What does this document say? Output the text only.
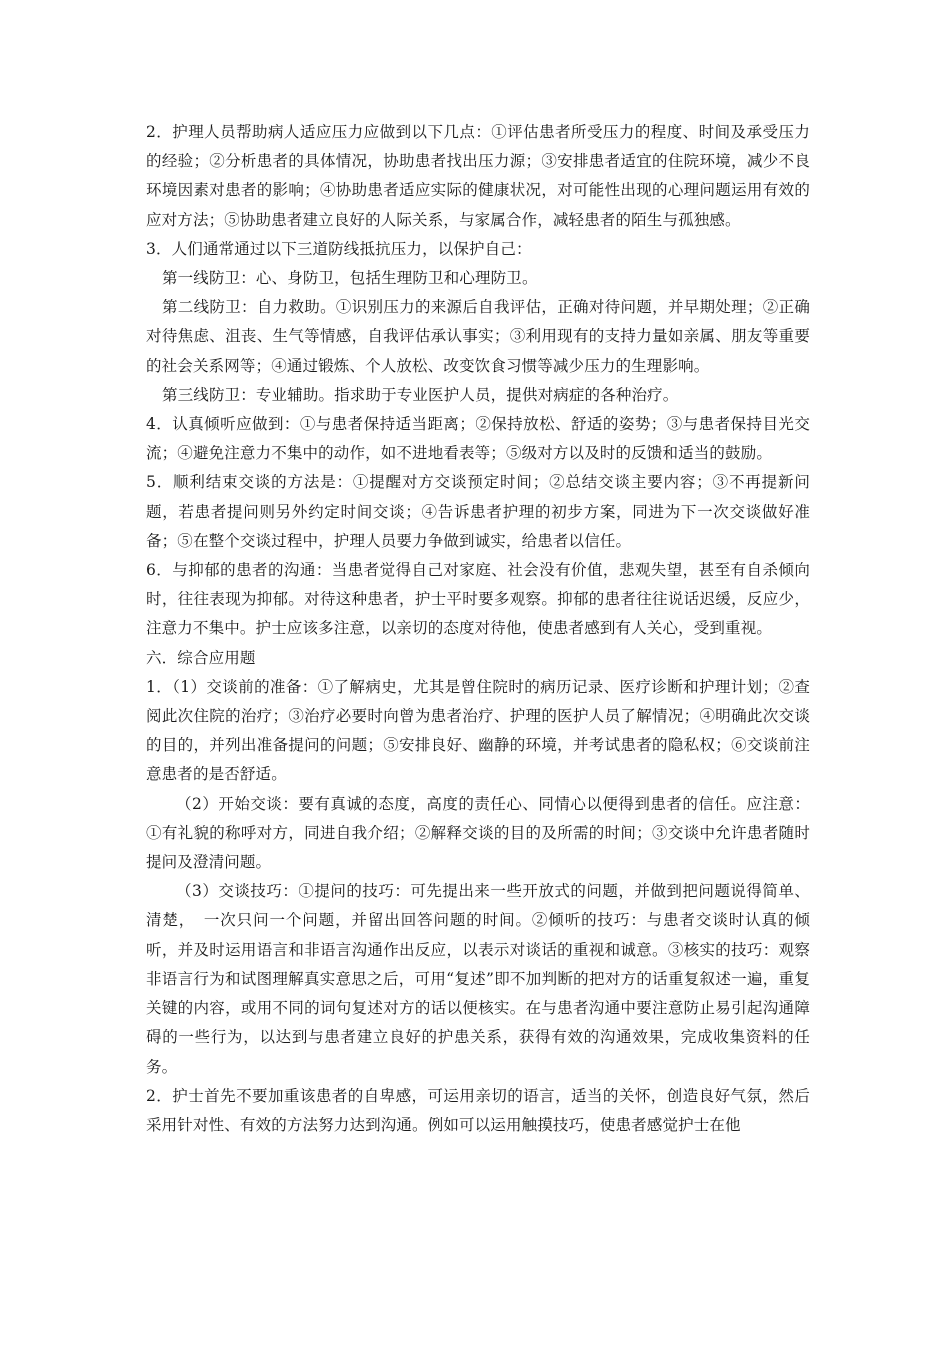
2．护理人员帮助病人适应压力应做到以下几点：①评估患者所受压力的程度、时间及承受压力的经验；②分析患者的具体情况，协助患者找出压力源；③安排患者适宜的住院环境，减少不良环境因素对患者的影响；④协助患者适应实际的健康状况，对可能性出现的心理问题运用有效的应对方法；⑤协助患者建立良好的人际关系，与家属合作，减轻患者的陌生与孤独感。

3．人们通常通过以下三道防线抵抗压力，以保护自己：

第一线防卫：心、身防卫，包括生理防卫和心理防卫。

第二线防卫：自力救助。①识别压力的来源后自我评估，正确对待问题，并早期处理；②正确对待焦虑、沮丧、生气等情感，自我评估承认事实；③利用现有的支持力量如亲属、朋友等重要的社会关系网等；④通过锻炼、个人放松、改变饮食习惯等减少压力的生理影响。

第三线防卫：专业辅助。指求助于专业医护人员，提供对病症的各种治疗。

4．认真倾听应做到：①与患者保持适当距离；②保持放松、舒适的姿势；③与患者保持目光交流；④避免注意力不集中的动作，如不进地看表等；⑤级对方以及时的反馈和适当的鼓励。

5．顺利结束交谈的方法是：①提醒对方交谈预定时间；②总结交谈主要内容；③不再提新问题，若患者提问则另外约定时间交谈；④告诉患者护理的初步方案，同进为下一次交谈做好准备；⑤在整个交谈过程中，护理人员要力争做到诚实，给患者以信任。

6．与抑郁的患者的沟通：当患者觉得自己对家庭、社会没有价值，悲观失望，甚至有自杀倾向时，往往表现为抑郁。对待这种患者，护士平时要多观察。抑郁的患者往往说话迟缓，反应少，注意力不集中。护士应该多注意，以亲切的态度对待他，使患者感到有人关心，受到重视。

六．综合应用题

1．（1）交谈前的准备：①了解病史，尤其是曾住院时的病历记录、医疗诊断和护理计划；②查阅此次住院的治疗；③治疗必要时向曾为患者治疗、护理的医护人员了解情况；④明确此次交谈的目的，并列出准备提问的问题；⑤安排良好、幽静的环境，并考试患者的隐私权；⑥交谈前注意患者的是否舒适。

（2）开始交谈：要有真诚的态度，高度的责任心、同情心以便得到患者的信任。应注意：①有礼貌的称呼对方，同进自我介绍；②解释交谈的目的及所需的时间；③交谈中允许患者随时提问及澄清问题。

（3）交谈技巧：①提问的技巧：可先提出来一些开放式的问题，并做到把问题说得简单、清楚，　一次只问一个问题，并留出回答问题的时间。②倾听的技巧：与患者交谈时认真的倾听，并及时运用语言和非语言沟通作出反应，以表示对谈话的重视和诚意。③核实的技巧：观察非语言行为和试图理解真实意思之后，可用“复述”即不加判断的把对方的话重复叙述一遍，重复关键的内容，或用不同的词句复述对方的话以便核实。在与患者沟通中要注意防止易引起沟通障碍的一些行为，以达到与患者建立良好的护患关系，获得有效的沟通效果，完成收集资料的任务。

2．护士首先不要加重该患者的自卑感，可运用亲切的语言，适当的关怀，创造良好气氛，然后采用针对性、有效的方法努力达到沟通。例如可以运用触摸技巧，使患者感觉护士在他
